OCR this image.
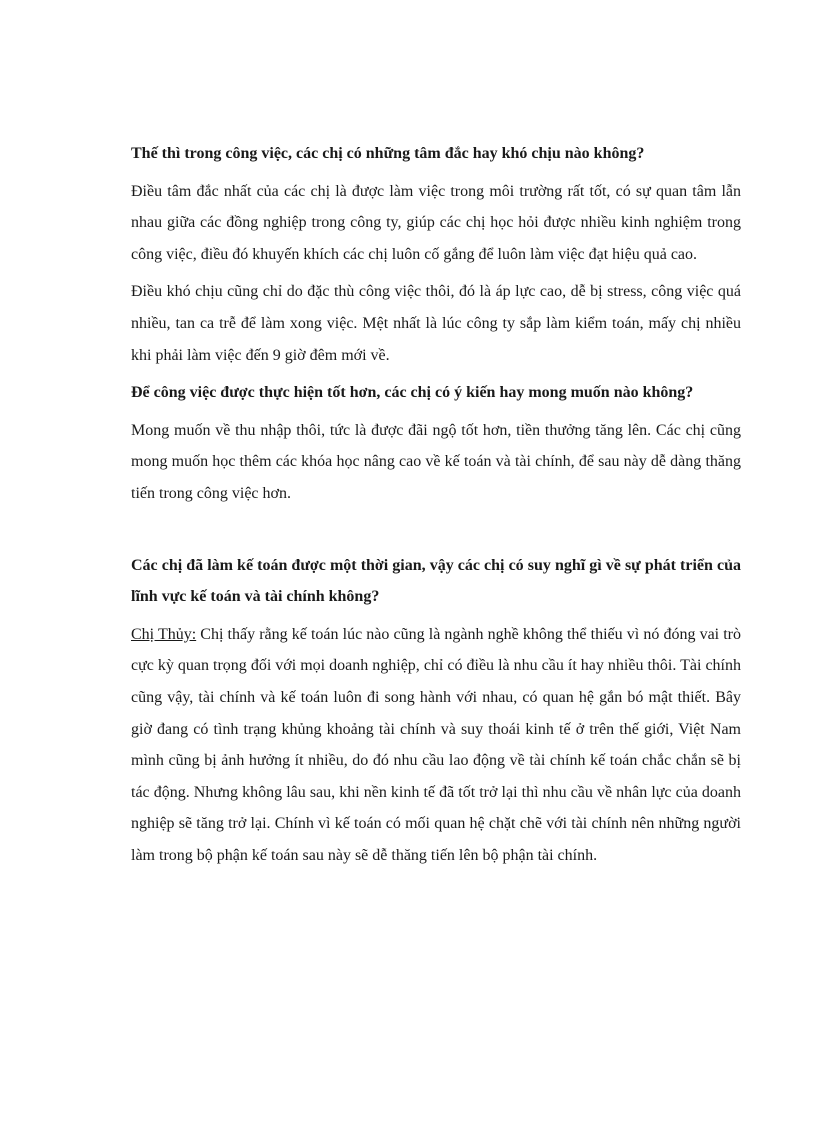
Thế thì trong công việc, các chị có những tâm đắc hay khó chịu nào không?

Điều tâm đắc nhất của các chị là được làm việc trong môi trường rất tốt, có sự quan tâm lẫn nhau giữa các đồng nghiệp trong công ty, giúp các chị học hỏi được nhiều kinh nghiệm trong công việc, điều đó khuyến khích các chị luôn cố gắng để luôn làm việc đạt hiệu quả cao.

Điều khó chịu cũng chỉ do đặc thù công việc thôi, đó là áp lực cao, dễ bị stress, công việc quá nhiều, tan ca trễ để làm xong việc. Mệt nhất là lúc công ty sắp làm kiểm toán, mấy chị nhiều khi phải làm việc đến 9 giờ đêm mới về.

Để công việc được thực hiện tốt hơn, các chị có ý kiến hay mong muốn nào không?

Mong muốn về thu nhập thôi, tức là được đãi ngộ tốt hơn, tiền thưởng tăng lên. Các chị cũng mong muốn học thêm các khóa học nâng cao về kế toán và tài chính, để sau này dễ dàng thăng tiến trong công việc hơn.

Các chị đã làm kế toán được một thời gian, vậy các chị có suy nghĩ gì về sự phát triển của lĩnh vực kế toán và tài chính không?

Chị Thủy: Chị thấy rằng kế toán lúc nào cũng là ngành nghề không thể thiếu vì nó đóng vai trò cực kỳ quan trọng đối với mọi doanh nghiệp, chỉ có điều là nhu cầu ít hay nhiều thôi. Tài chính cũng vậy, tài chính và kế toán luôn đi song hành với nhau, có quan hệ gắn bó mật thiết. Bây giờ đang có tình trạng khủng khoảng tài chính và suy thoái kinh tế ở trên thế giới, Việt Nam mình cũng bị ảnh hưởng ít nhiều, do đó nhu cầu lao động về tài chính kế toán chắc chắn sẽ bị tác động. Nhưng không lâu sau, khi nền kinh tế đã tốt trở lại thì nhu cầu về nhân lực của doanh nghiệp sẽ tăng trở lại. Chính vì kế toán có mối quan hệ chặt chẽ với tài chính nên những người làm trong bộ phận kế toán sau này sẽ dễ thăng tiến lên bộ phận tài chính.
